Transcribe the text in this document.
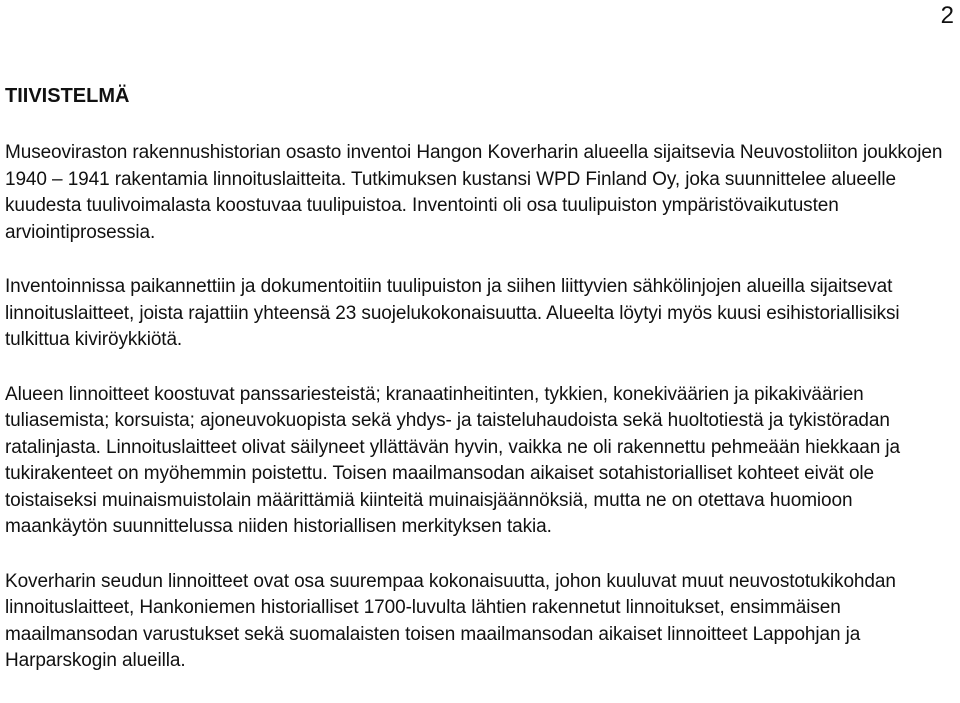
2
TIIVISTELMÄ

Museoviraston rakennushistorian osasto inventoi Hangon Koverharin alueella sijaitsevia Neuvostoliiton joukkojen 1940 – 1941 rakentamia linnoituslaitteita. Tutkimuksen kustansi WPD Finland Oy, joka suunnittelee alueelle kuudesta tuulivoimalasta koostuvaa tuulipuistoa. Inventointi oli osa tuulipuiston ympäristövaikutusten arviointiprosessia.

Inventoinnissa paikannettiin ja dokumentoitiin tuulipuiston ja siihen liittyvien sähkölinjojen alueilla sijaitsevat linnoituslaitteet, joista rajattiin yhteensä 23 suojelukokonaisuutta. Alueelta löytyi myös kuusi esihistoriallisiksi tulkittua kiviröykkiötä.

Alueen linnoitteet koostuvat panssariesteistä; kranaatinheitinten, tykkien, konekiväärien ja pikakiväärien tuliasemista; korsuista; ajoneuvokuopista sekä yhdys- ja taisteluhaudoista sekä huoltotiestä ja tykistöradan ratalinjasta. Linnoituslaitteet olivat säilyneet yllättävän hyvin, vaikka ne oli rakennettu pehmeään hiekkaan ja tukirakenteet on myöhemmin poistettu. Toisen maailmansodan aikaiset sotahistorialliset kohteet eivät ole toistaiseksi muinaismuistolain määrittämiä kiinteitä muinaisjäännöksiä, mutta ne on otettava huomioon maankäytön suunnittelussa niiden historiallisen merkityksen takia.

Koverharin seudun linnoitteet ovat osa suurempaa kokonaisuutta, johon kuuluvat muut neuvostotukikohdan linnoituslaitteet, Hankoniemen historialliset 1700-luvulta lähtien rakennetut linnoitukset, ensimmäisen maailmansodan varustukset sekä suomalaisten toisen maailmansodan aikaiset linnoitteet Lappohjan ja Harparskogin alueilla.
